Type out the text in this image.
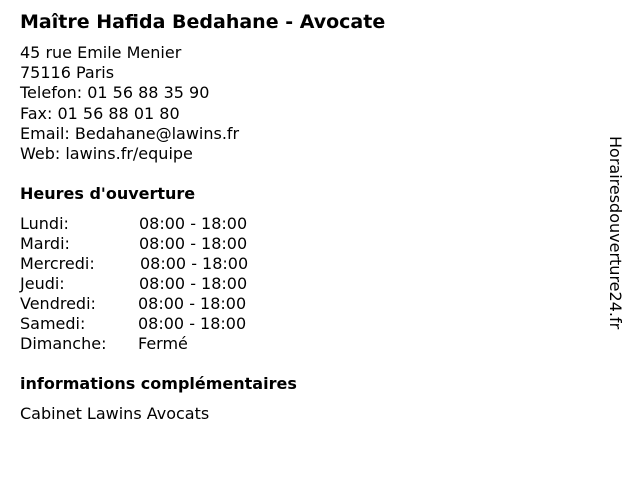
Maître Hafida Bedahane - Avocate
45 rue Emile Menier
75116 Paris
Telefon: 01 56 88 35 90
Fax: 01 56 88 01 80
Email: Bedahane@lawins.fr
Web: lawins.fr/equipe
Heures d'ouverture
Lundi:	08:00 - 18:00
Mardi:	08:00 - 18:00
Mercredi:	08:00 - 18:00
Jeudi:	08:00 - 18:00
Vendredi:	08:00 - 18:00
Samedi:	08:00 - 18:00
Dimanche: Fermé
informations complémentaires
Cabinet Lawins Avocats
Horairesdouverture24.fr
